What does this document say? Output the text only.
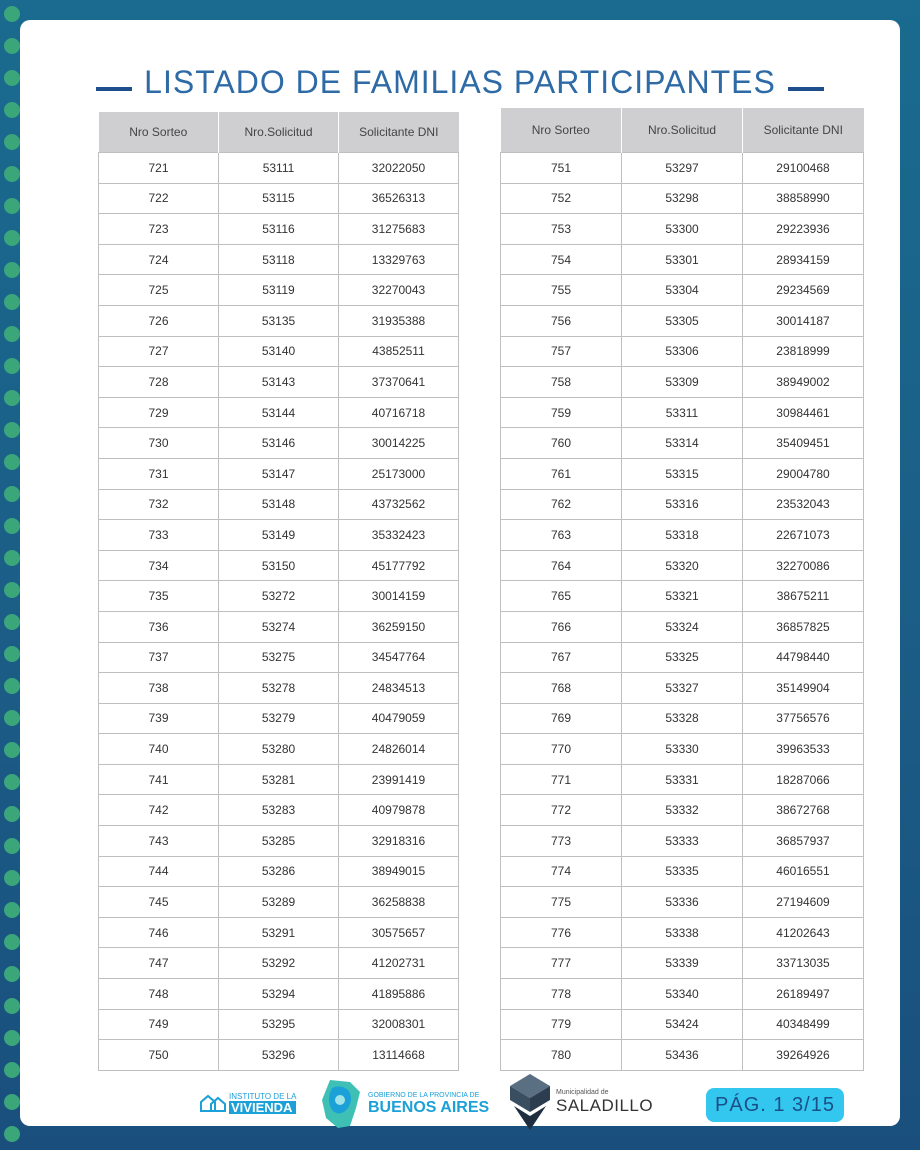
LISTADO DE FAMILIAS PARTICIPANTES
Nro Sorteo	Nro.Solicitud	Solicitante DNI
721	53111	32022050
722	53115	36526313
723	53116	31275683
724	53118	13329763
725	53119	32270043
726	53135	31935388
727	53140	43852511
728	53143	37370641
729	53144	40716718
730	53146	30014225
731	53147	25173000
732	53148	43732562
733	53149	35332423
734	53150	45177792
735	53272	30014159
736	53274	36259150
737	53275	34547764
738	53278	24834513
739	53279	40479059
740	53280	24826014
741	53281	23991419
742	53283	40979878
743	53285	32918316
744	53286	38949015
745	53289	36258838
746	53291	30575657
747	53292	41202731
748	53294	41895886
749	53295	32008301
750	53296	13114668
Nro Sorteo	Nro.Solicitud	Solicitante DNI
751	53297	29100468
752	53298	38858990
753	53300	29223936
754	53301	28934159
755	53304	29234569
756	53305	30014187
757	53306	23818999
758	53309	38949002
759	53311	30984461
760	53314	35409451
761	53315	29004780
762	53316	23532043
763	53318	22671073
764	53320	32270086
765	53321	38675211
766	53324	36857825
767	53325	44798440
768	53327	35149904
769	53328	37756576
770	53330	39963533
771	53331	18287066
772	53332	38672768
773	53333	36857937
774	53335	46016551
775	53336	27194609
776	53338	41202643
777	53339	33713035
778	53340	26189497
779	53424	40348499
780	53436	39264926
INSTITUTO DE LA
VIVIENDA
GOBIERNO DE LA PROVINCIA DE
BUENOS AIRES
Municipalidad de
SALADILLO	PÁG. 1 3/15
